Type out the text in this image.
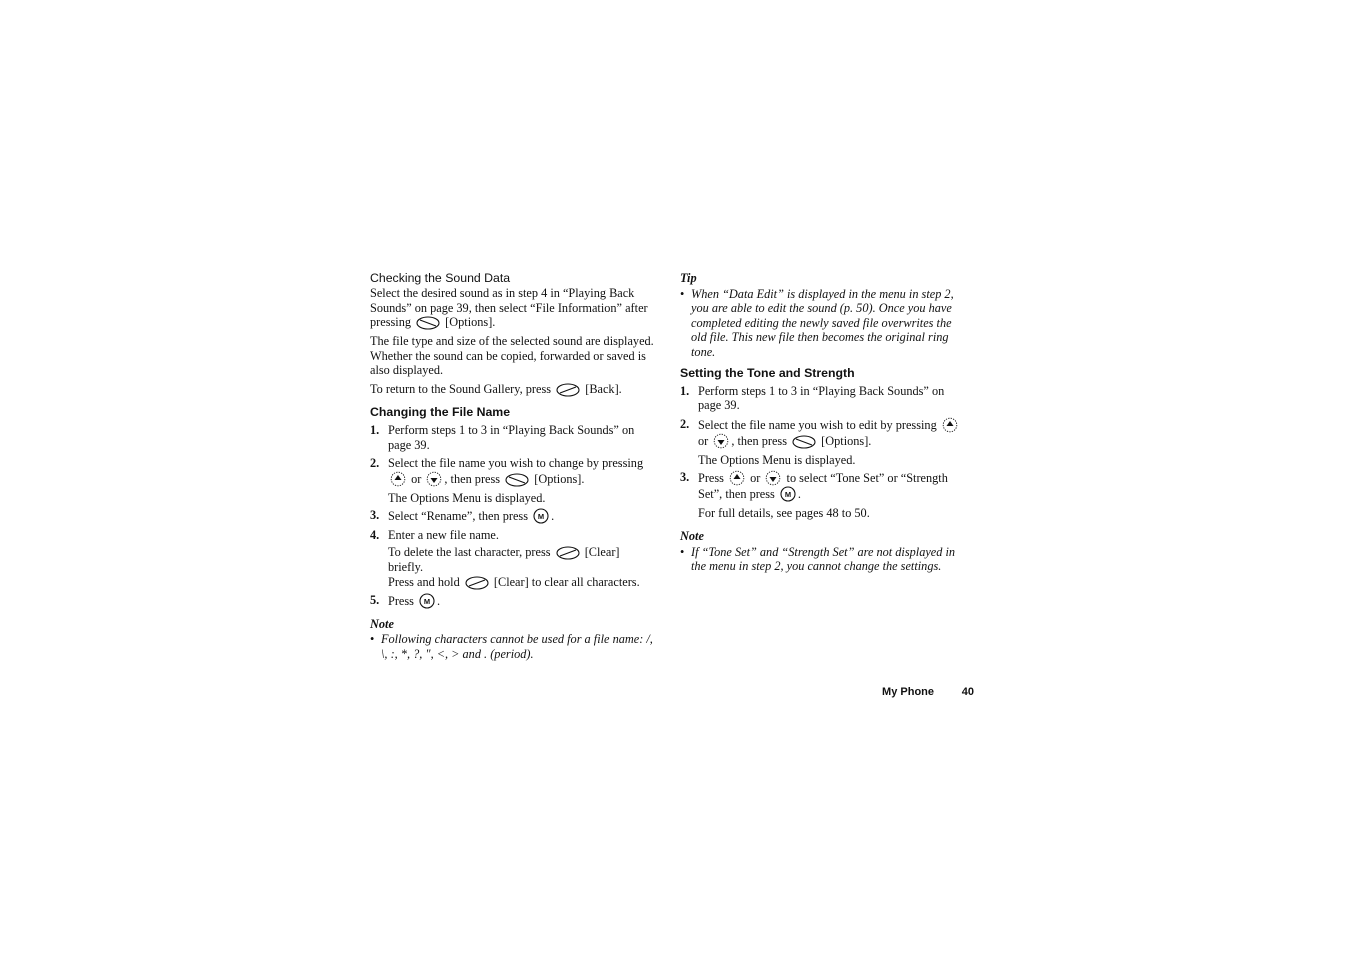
Checking the Sound Data

Select the desired sound as in step 4 in “Playing Back Sounds” on page 39, then select “File Information” after pressing	[Options].

The file type and size of the selected sound are displayed. Whether the sound can be copied, forwarded or saved is also displayed.

To return to the Sound Gallery, press	[Back].

Changing the File Name
1. Perform steps 1 to 3 in “Playing Back Sounds” on page 39.
2. Select the file name you wish to change by pressing
or , then press	[Options].

The Options Menu is displayed.

3. Select “Rename”, then press .
4. Enter a new file name.

To delete the last character, press	[Clear] briefly.

Press and hold	[Clear] to clear all characters.

5. Press .
Note
• Following characters cannot be used for a file name: /, \, :, *, ?, ", <, > and . (period).
Tip
• When “Data Edit” is displayed in the menu in step 2, you are able to edit the sound (p. 50). Once you have completed editing the newly saved file overwrites the old file. This new file then becomes the original ring tone.
Setting the Tone and Strength
1. Perform steps 1 to 3 in “Playing Back Sounds” on page 39.
2. Select the file name you wish to edit by pressing
or , then press	[Options].

The Options Menu is displayed.

3. Press or to select “Tone Set” or “Strength Set”, then press .

For full details, see pages 48 to 50.

Note
• If “Tone Set” and “Strength Set” are not displayed in the menu in step 2, you cannot change the settings.
My Phone	40
